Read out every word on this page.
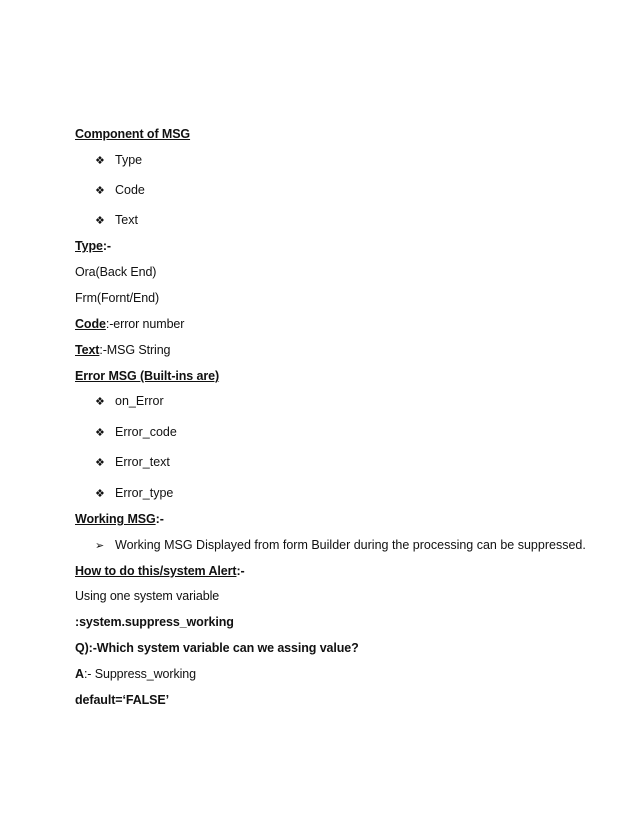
Component of MSG
❖ Type
❖ Code
❖ Text
Type:-
Ora(Back End)
Frm(Fornt/End)
Code:-error number
Text:-MSG String
Error MSG (Built-ins are)
❖ on_Error
❖ Error_code
❖ Error_text
❖ Error_type
Working MSG:-
➢ Working MSG Displayed from form Builder during the processing can be suppressed.
How to do this/system Alert:-
Using one system variable
:system.suppress_working
Q):-Which system variable can we assing value?
A:- Suppress_working
default=‘FALSE’
